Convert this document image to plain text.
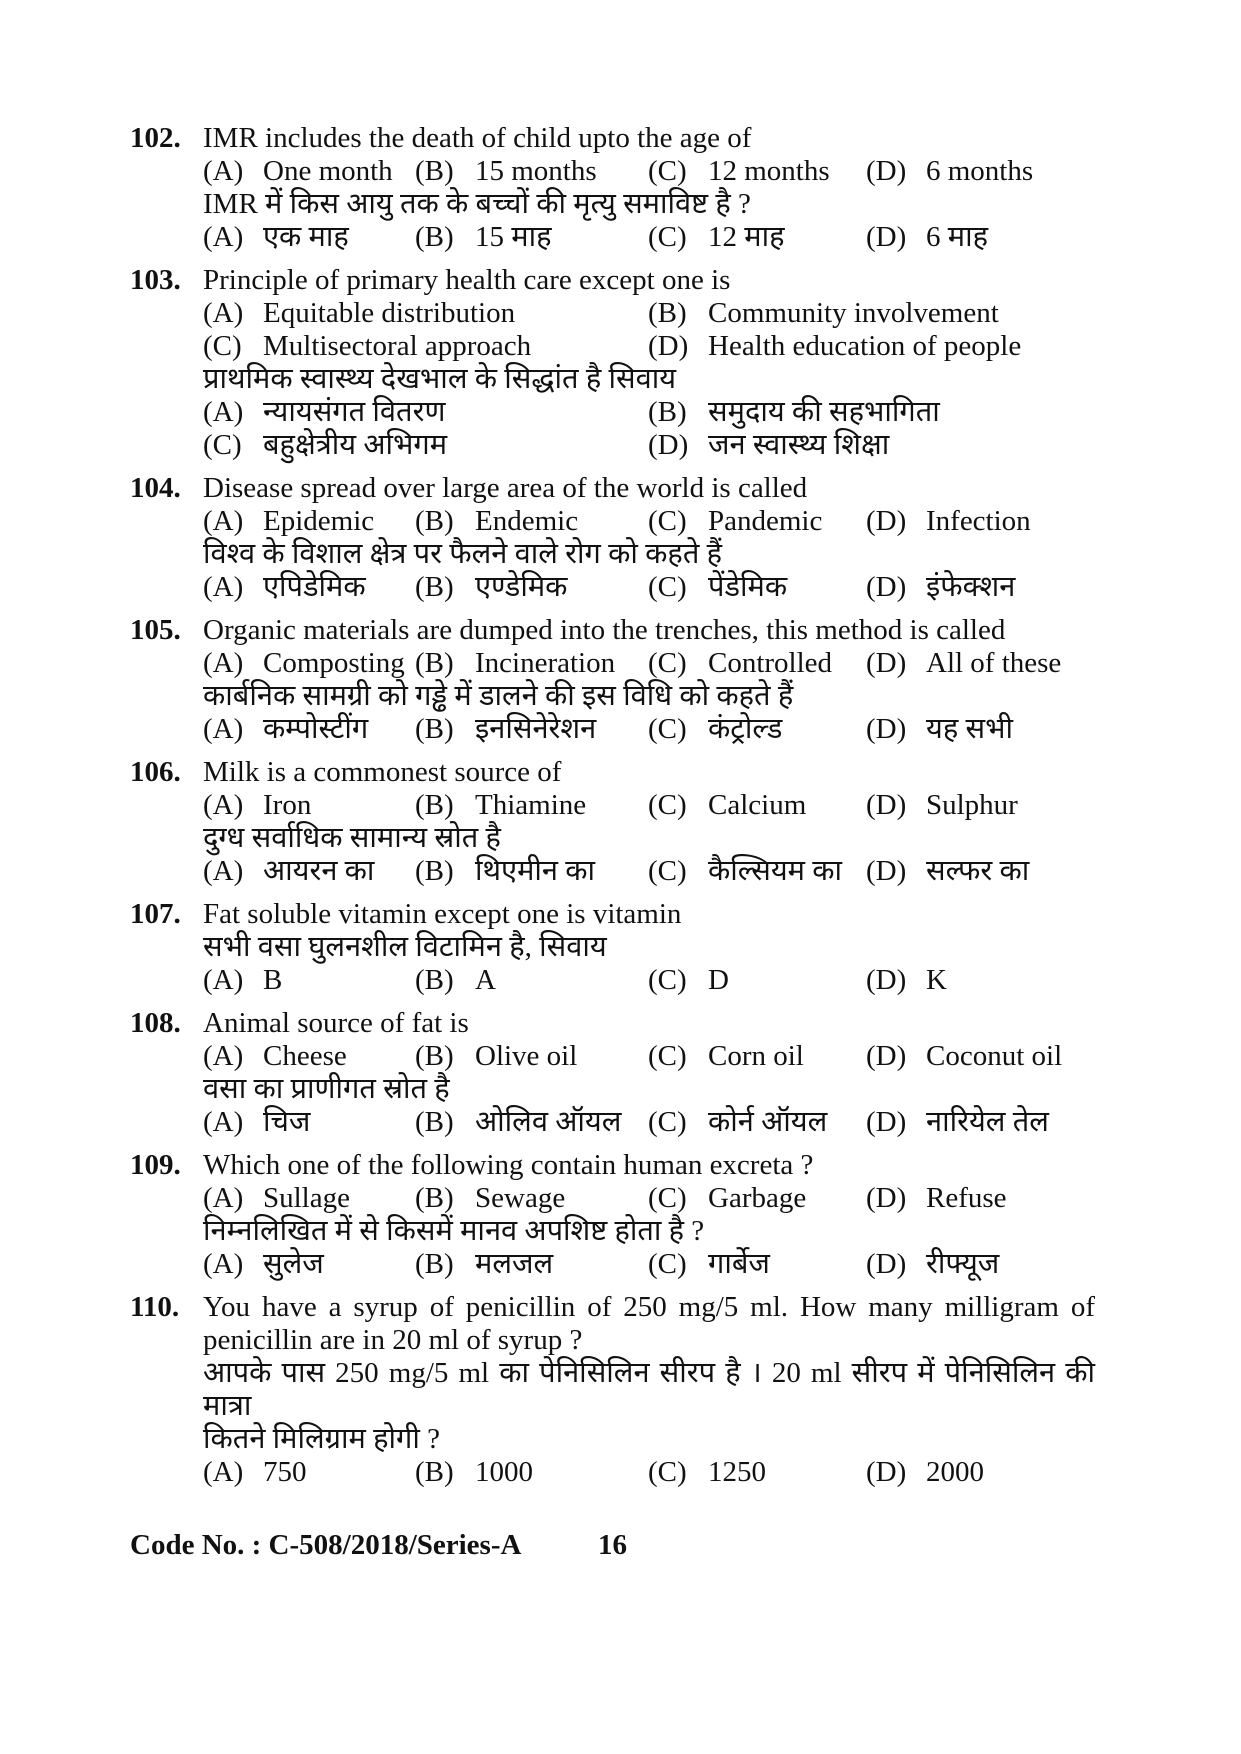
102. IMR includes the death of child upto the age of
(A) One month (B) 15 months	(C) 12 months	(D) 6 months
IMR में किस आयु तक के बच्चों की मृत्यु समाविष्ट है ?
(A) एक माह	(B) 15 माह	(C) 12 माह	(D) 6 माह
103. Principle of primary health care except one is
(A) Equitable distribution	(B) Community involvement
(C) Multisectoral approach	(D) Health education of people
प्राथमिक स्वास्थ्य देखभाल के सिद्धांत है सिवाय
(A) न्यायसंगत वितरण	(B) समुदाय की सहभागिता
(C) बहुक्षेत्रीय अभिगम	(D) जन स्वास्थ्य शिक्षा
104. Disease spread over large area of the world is called
(A) Epidemic	(B) Endemic	(C) Pandemic	(D) Infection
विश्व के विशाल क्षेत्र पर फैलने वाले रोग को कहते हैं
(A) एपिडेमिक	(B) एण्डेमिक	(C) पेंडेमिक	(D) इंफेक्शन
105. Organic materials are dumped into the trenches, this method is called
(A) Composting (B) Incineration	(C) Controlled	(D) All of these
कार्बनिक सामग्री को गड्ढे में डालने की इस विधि को कहते हैं
(A) कम्पोस्टींग	(B) इनसिनेरेशन	(C) कंट्रोल्ड	(D) यह सभी
106. Milk is a commonest source of
(A) Iron	(B) Thiamine	(C) Calcium	(D) Sulphur
दुग्ध सर्वाधिक सामान्य स्रोत है
(A) आयरन का	(B) थिएमीन का	(C) कैल्सियम का (D) सल्फर का
107. Fat soluble vitamin except one is vitamin
सभी वसा घुलनशील विटामिन है, सिवाय
(A) B	(B) A	(C) D	(D) K
108. Animal source of fat is
(A) Cheese	(B) Olive oil	(C) Corn oil	(D) Coconut oil
वसा का प्राणीगत स्रोत है
(A) चिज	(B) ओलिव ऑयल (C) कोर्न ऑयल	(D) नारियेल तेल
109. Which one of the following contain human excreta ?
(A) Sullage	(B) Sewage	(C) Garbage	(D) Refuse
निम्नलिखित में से किसमें मानव अपशिष्ट होता है ?
(A) सुलेज	(B) मलजल	(C) गार्बेज	(D) रीफ्यूज
110. You have a syrup of penicillin of 250 mg/5 ml. How many milligram of
penicillin are in 20 ml of syrup ?
आपके पास 250 mg/5 ml का पेनिसिलिन सीरप है । 20 ml सीरप में पेनिसिलिन की मात्रा
कितने मिलिग्राम होगी ?
(A) 750	(B) 1000	(C) 1250	(D) 2000
Code No. : C-508/2018/Series-A	16
